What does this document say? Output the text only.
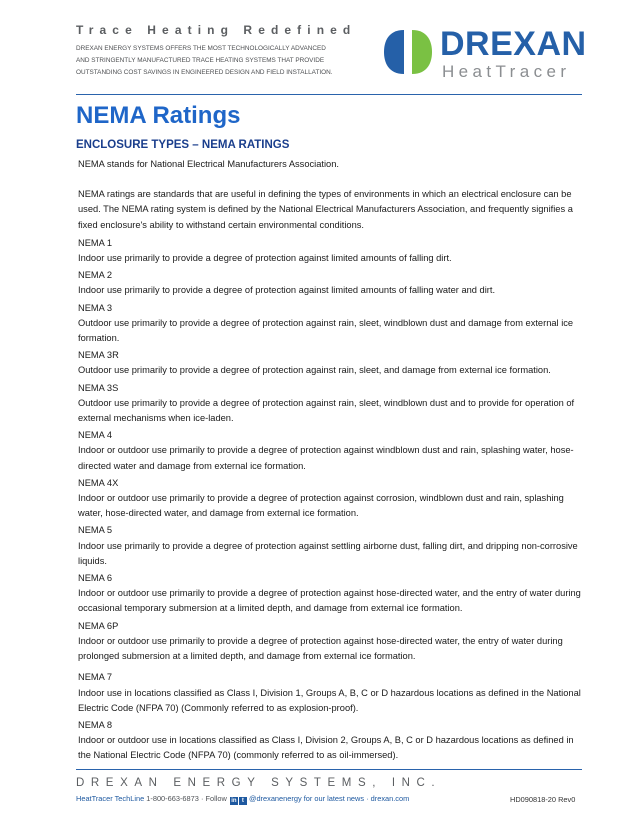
Trace Heating Redefined
DREXAN ENERGY SYSTEMS OFFERS THE MOST TECHNOLOGICALLY ADVANCED
AND STRINGENTLY MANUFACTURED TRACE HEATING SYSTEMS THAT PROVIDE
OUTSTANDING COST SAVINGS IN ENGINEERED DESIGN AND FIELD INSTALLATION.
DREXAN
HeatTracer
NEMA Ratings
ENCLOSURE TYPES – NEMA RATINGS

NEMA stands for National Electrical Manufacturers Association.

NEMA ratings are standards that are useful in defining the types of environments in which an electrical enclosure can be used. The NEMA rating system is defined by the National Electrical Manufacturers Association, and frequently signifies a fixed enclosure's ability to withstand certain environmental conditions.

NEMA 1

Indoor use primarily to provide a degree of protection against limited amounts of falling dirt.

NEMA 2

Indoor use primarily to provide a degree of protection against limited amounts of falling water and dirt.

NEMA 3

Outdoor use primarily to provide a degree of protection against rain, sleet, windblown dust and damage from external ice formation.

NEMA 3R

Outdoor use primarily to provide a degree of protection against rain, sleet, and damage from external ice formation.

NEMA 3S

Outdoor use primarily to provide a degree of protection against rain, sleet, windblown dust and to provide for operation of external mechanisms when ice-laden.

NEMA 4

Indoor or outdoor use primarily to provide a degree of protection against windblown dust and rain, splashing water, hose-directed water and damage from external ice formation.

NEMA 4X

Indoor or outdoor use primarily to provide a degree of protection against corrosion, windblown dust and rain, splashing water, hose-directed water, and damage from external ice formation.

NEMA 5

Indoor use primarily to provide a degree of protection against settling airborne dust, falling dirt, and dripping non-corrosive liquids.

NEMA 6

Indoor or outdoor use primarily to provide a degree of protection against hose-directed water, and the entry of water during occasional temporary submersion at a limited depth, and damage from external ice formation.

NEMA 6P

Indoor or outdoor use primarily to provide a degree of protection against hose-directed water, the entry of water during prolonged submersion at a limited depth, and damage from external ice formation.

NEMA 7

Indoor use in locations classified as Class I, Division 1, Groups A, B, C or D hazardous locations as defined in the National Electric Code (NFPA 70) (Commonly referred to as explosion-proof).

NEMA 8

Indoor or outdoor use in locations classified as Class I, Division 2, Groups A, B, C or D hazardous locations as defined in the National Electric Code (NFPA 70) (commonly referred to as oil-immersed).

DREXAN ENERGY SYSTEMS, INC.
HeatTracer TechLine 1-800-663-6873 · Follow in t @drexanenergy for our latest news · drexan.com	HD090818-20 Rev0
